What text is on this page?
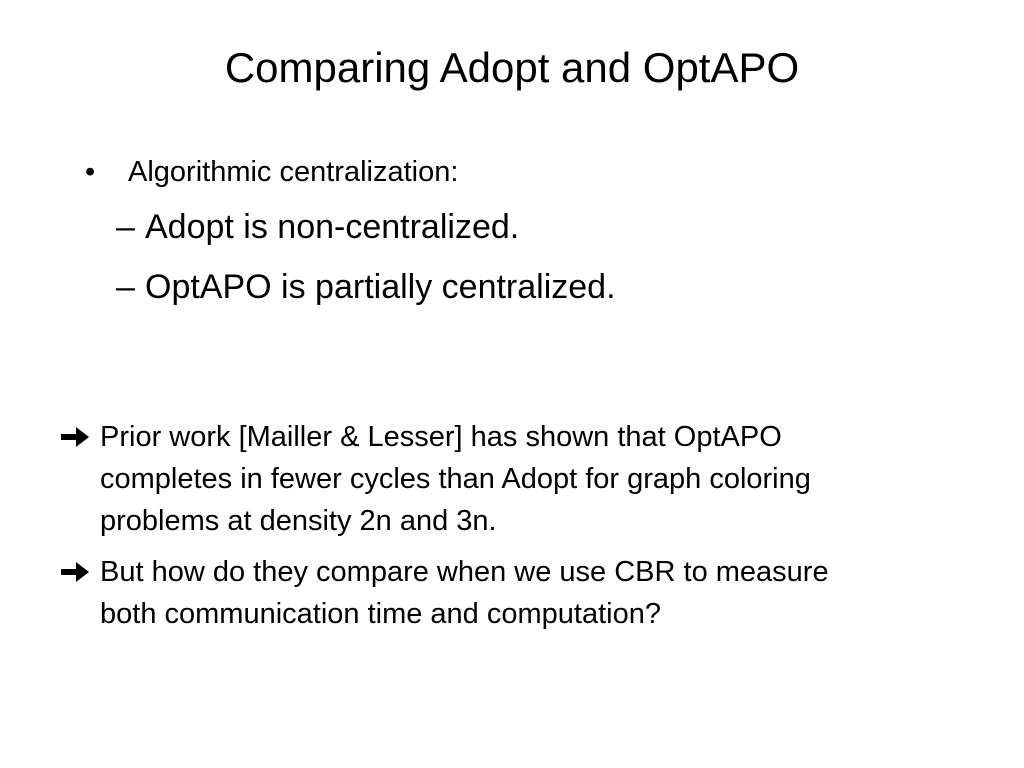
Comparing Adopt and OptAPO
•	Algorithmic centralization:
– Adopt is non-centralized.
– OptAPO is partially centralized.
Prior work [Mailler & Lesser] has shown that OptAPO
completes in fewer cycles than Adopt for graph coloring
problems at density 2n and 3n.
But how do they compare when we use CBR to measure
both communication time and computation?
